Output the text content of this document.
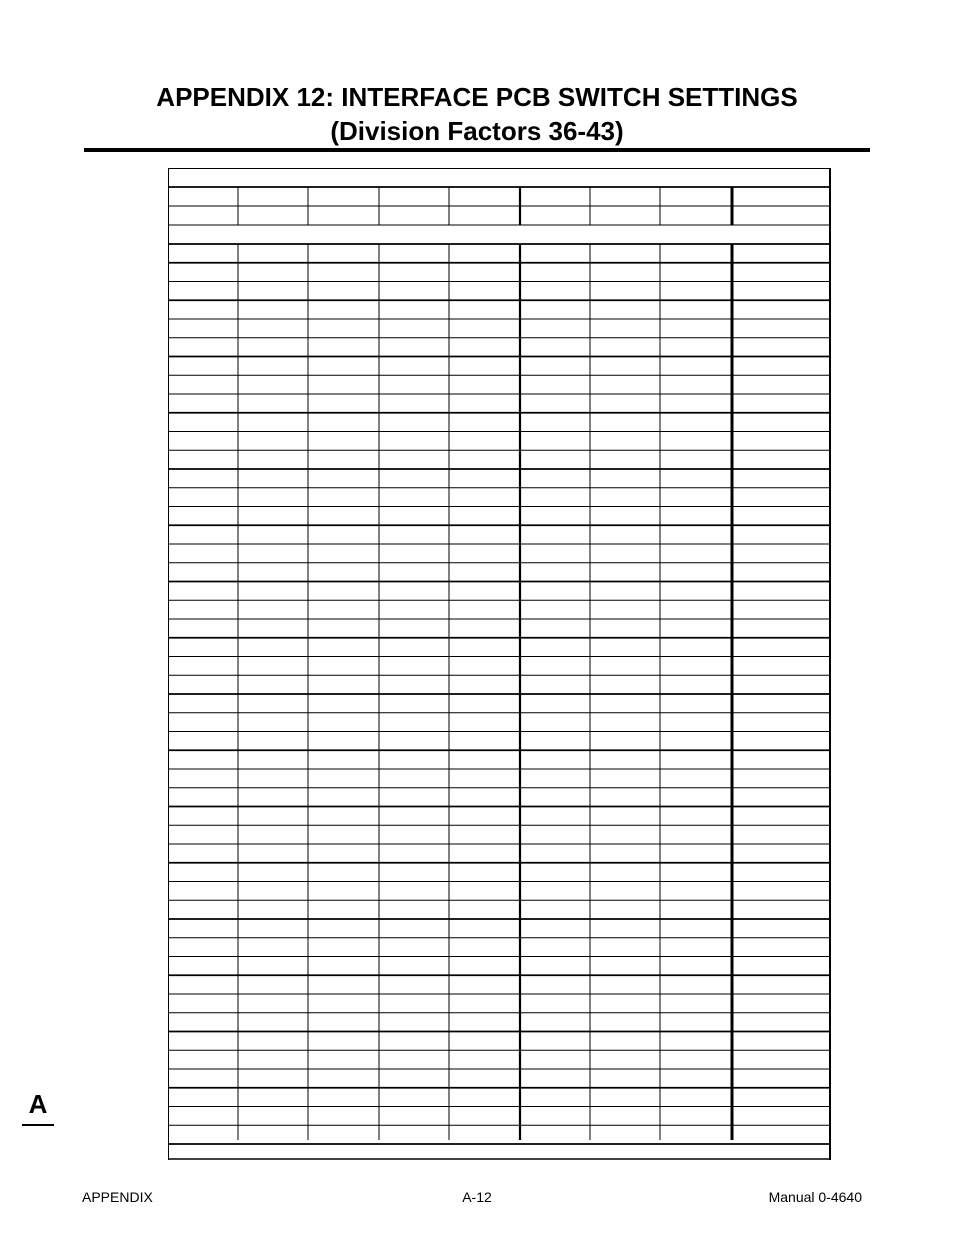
APPENDIX 12: INTERFACE PCB SWITCH SETTINGS
(Division Factors 36-43)
A
APPENDIX	A-12	Manual 0-4640
